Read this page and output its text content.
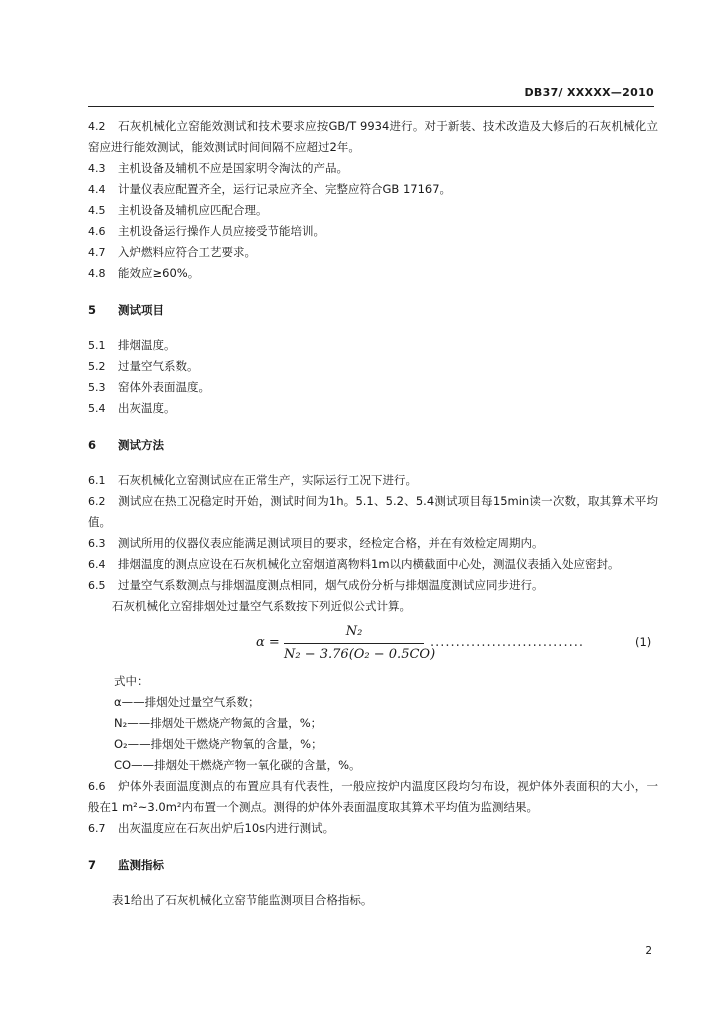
DB37/ XXXXX—2010

4.2 石灰机械化立窑能效测试和技术要求应按GB/T 9934进行。对于新装、技术改造及大修后的石灰机械化立窑应进行能效测试，能效测试时间间隔不应超过2年。

4.3 主机设备及辅机不应是国家明令淘汰的产品。

4.4 计量仪表应配置齐全，运行记录应齐全、完整应符合GB 17167。

4.5 主机设备及辅机应匹配合理。

4.6 主机设备运行操作人员应接受节能培训。

4.7 入炉燃料应符合工艺要求。

4.8 能效应≥60%。

5 测试项目

5.1 排烟温度。

5.2 过量空气系数。

5.3 窑体外表面温度。

5.4 出灰温度。

6 测试方法

6.1 石灰机械化立窑测试应在正常生产，实际运行工况下进行。

6.2 测试应在热工况稳定时开始，测试时间为1h。5.1、5.2、5.4测试项目每15min读一次数，取其算术平均值。

6.3 测试所用的仪器仪表应能满足测试项目的要求，经检定合格，并在有效检定周期内。

6.4 排烟温度的测点应设在石灰机械化立窑烟道离物料1m以内横截面中心处，测温仪表插入处应密封。

6.5 过量空气系数测点与排烟温度测点相同，烟气成份分析与排烟温度测试应同步进行。

石灰机械化立窑排烟处过量空气系数按下列近似公式计算。

α =
N₂
N₂ − 3.76(O₂ − 0.5CO)
..............................	(1)

式中：

α——排烟处过量空气系数；

N₂——排烟处干燃烧产物氮的含量，%；

O₂——排烟处干燃烧产物氧的含量，%；

CO——排烟处干燃烧产物一氧化碳的含量，%。

6.6 炉体外表面温度测点的布置应具有代表性，一般应按炉内温度区段均匀布设，视炉体外表面积的大小，一般在1 m²~3.0m²内布置一个测点。测得的炉体外表面温度取其算术平均值为监测结果。

6.7 出灰温度应在石灰出炉后10s内进行测试。

7 监测指标

表1给出了石灰机械化立窑节能监测项目合格指标。

2
